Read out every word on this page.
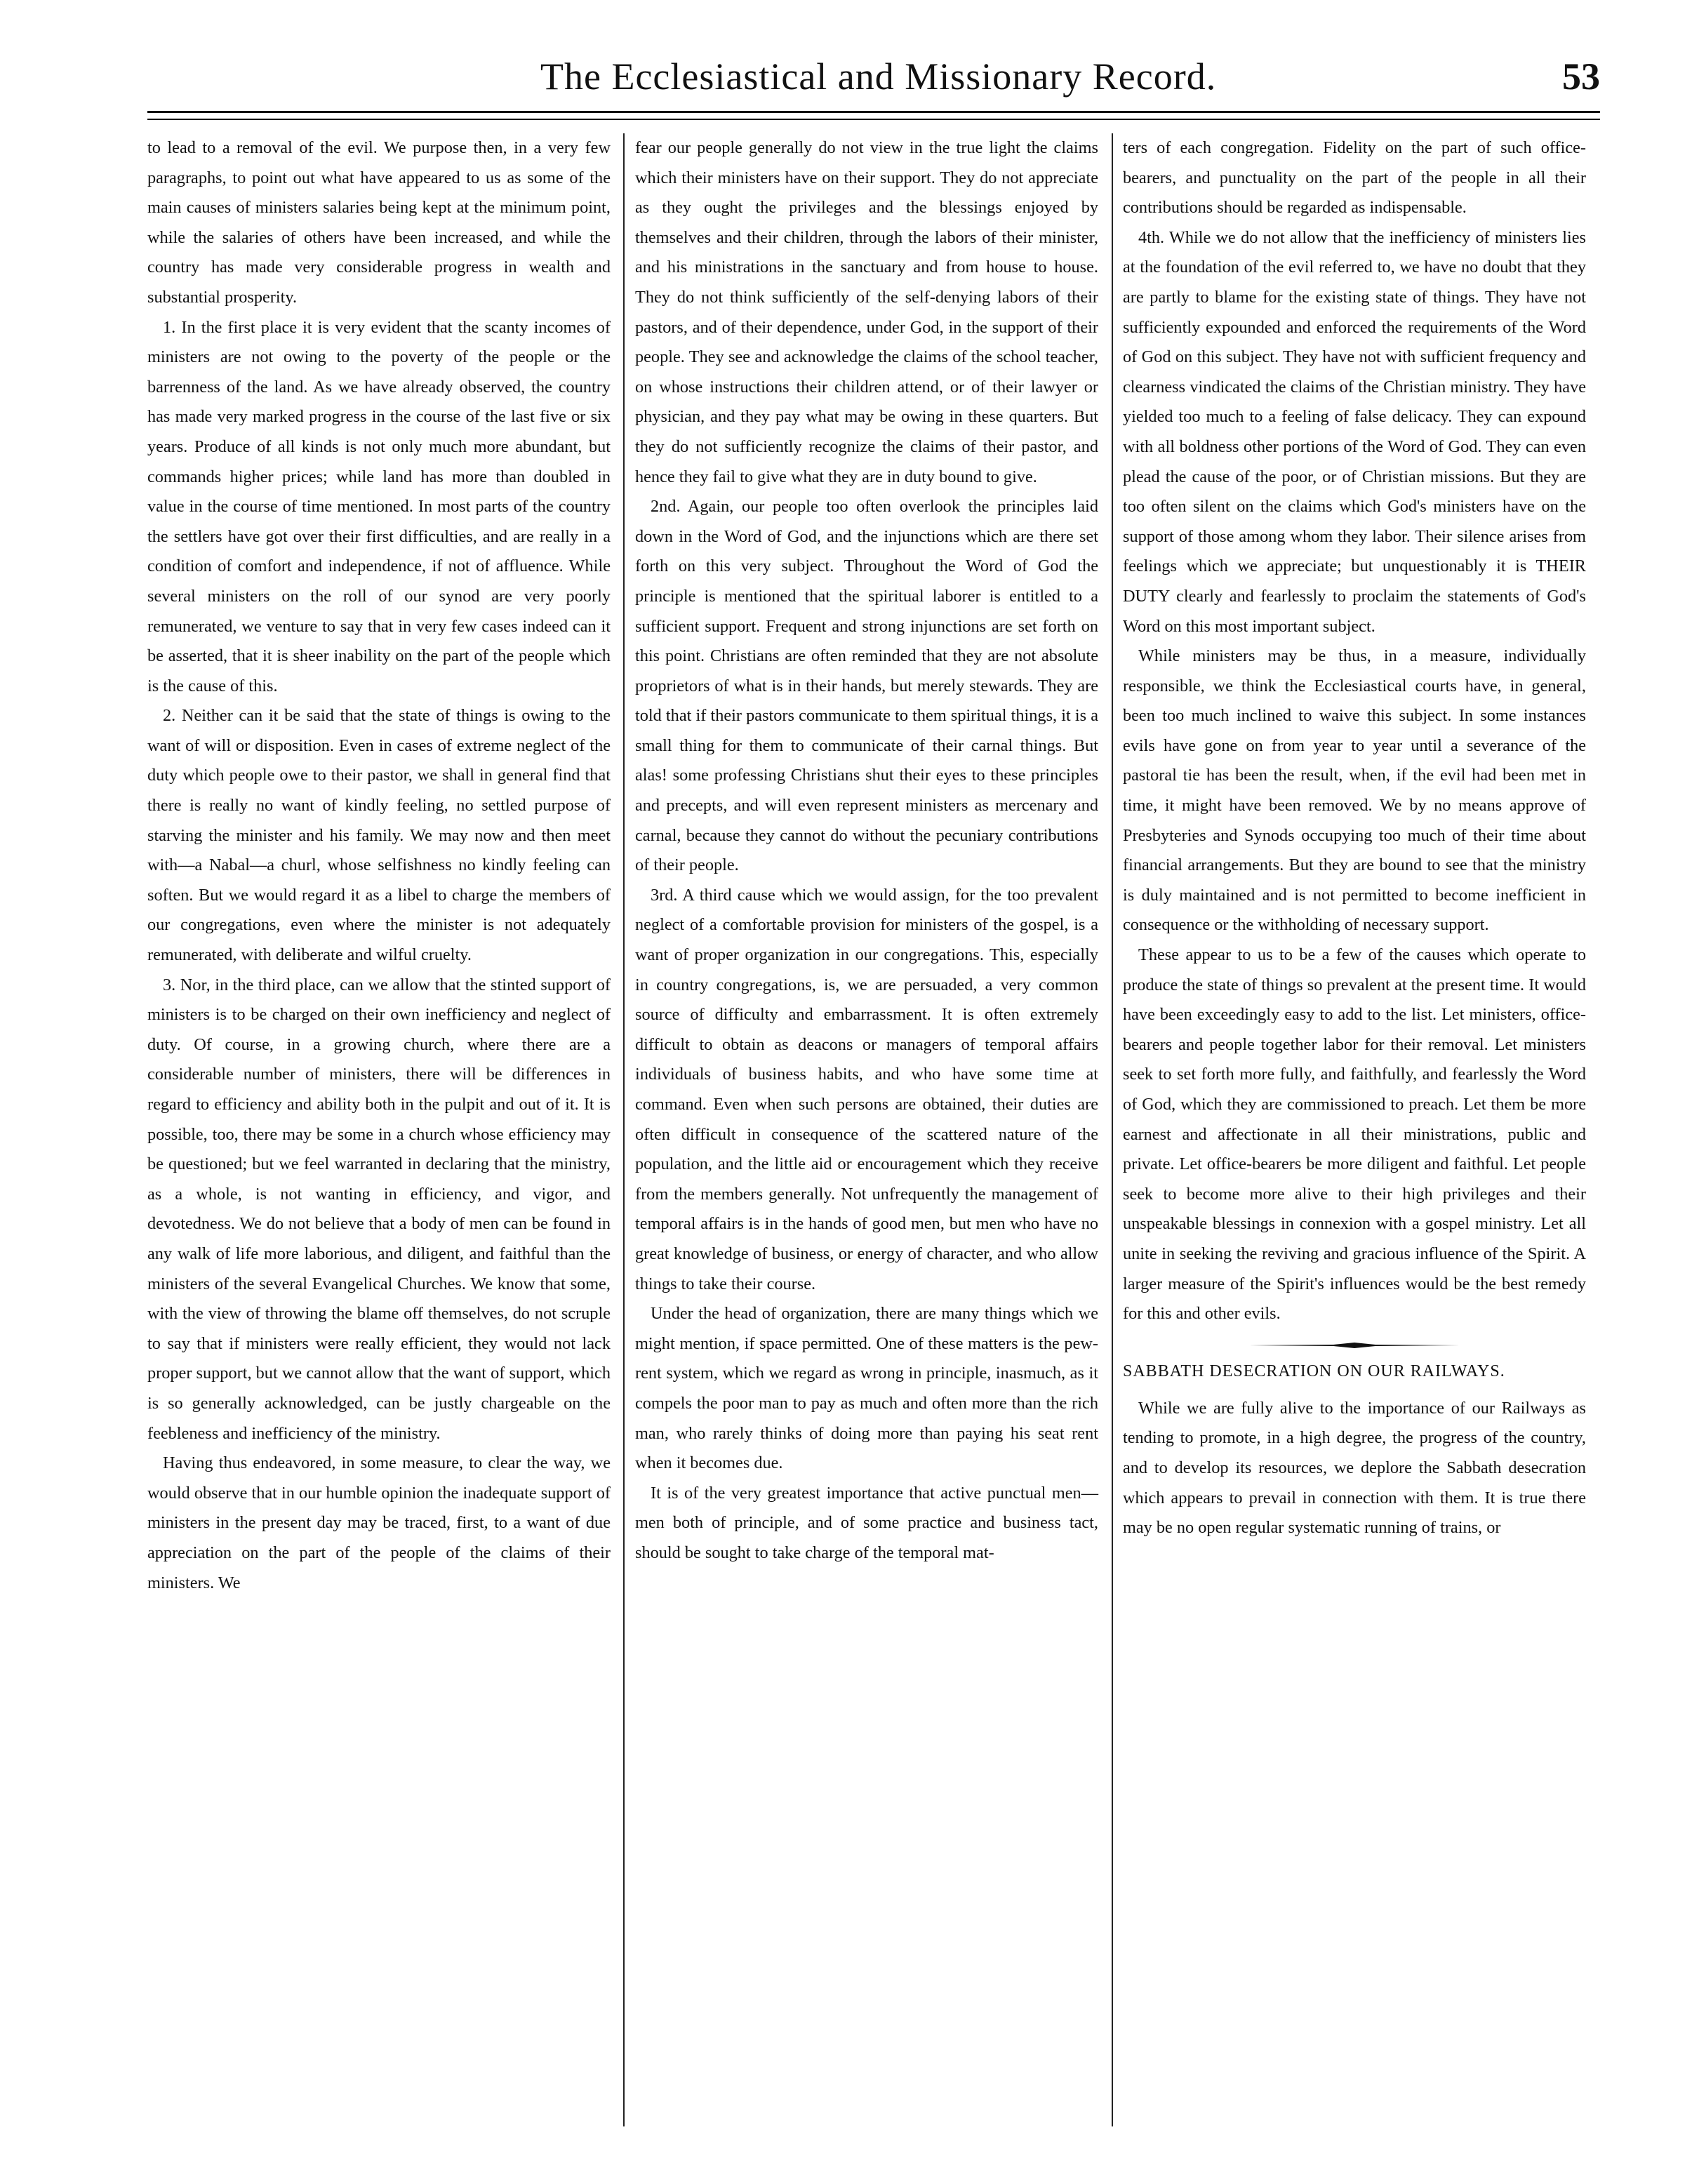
The Ecclesiastical and Missionary Record.	53

to lead to a removal of the evil. We purpose then, in a very few paragraphs, to point out what have appeared to us as some of the main causes of ministers salaries being kept at the minimum point, while the salaries of others have been increased, and while the country has made very considerable progress in wealth and substantial prosperity.

1. In the first place it is very evident that the scanty incomes of ministers are not owing to the poverty of the people or the barrenness of the land. As we have already observed, the country has made very marked progress in the course of the last five or six years. Produce of all kinds is not only much more abundant, but commands higher prices; while land has more than doubled in value in the course of time mentioned. In most parts of the country the settlers have got over their first difficulties, and are really in a condition of comfort and independence, if not of affluence. While several ministers on the roll of our synod are very poorly remunerated, we venture to say that in very few cases indeed can it be asserted, that it is sheer inability on the part of the people which is the cause of this.

2. Neither can it be said that the state of things is owing to the want of will or disposition. Even in cases of extreme neglect of the duty which people owe to their pastor, we shall in general find that there is really no want of kindly feeling, no settled purpose of starving the minister and his family. We may now and then meet with—a Nabal—a churl, whose selfishness no kindly feeling can soften. But we would regard it as a libel to charge the members of our congregations, even where the minister is not adequately remunerated, with deliberate and wilful cruelty.

3. Nor, in the third place, can we allow that the stinted support of ministers is to be charged on their own inefficiency and neglect of duty. Of course, in a growing church, where there are a considerable number of ministers, there will be differences in regard to efficiency and ability both in the pulpit and out of it. It is possible, too, there may be some in a church whose efficiency may be questioned; but we feel warranted in declaring that the ministry, as a whole, is not wanting in efficiency, and vigor, and devotedness. We do not believe that a body of men can be found in any walk of life more laborious, and diligent, and faithful than the ministers of the several Evangelical Churches. We know that some, with the view of throwing the blame off themselves, do not scruple to say that if ministers were really efficient, they would not lack proper support, but we cannot allow that the want of support, which is so generally acknowledged, can be justly chargeable on the feebleness and inefficiency of the ministry.

Having thus endeavored, in some measure, to clear the way, we would observe that in our humble opinion the inadequate support of ministers in the present day may be traced, first, to a want of due appreciation on the part of the people of the claims of their ministers. We

fear our people generally do not view in the true light the claims which their ministers have on their support. They do not appreciate as they ought the privileges and the blessings enjoyed by themselves and their children, through the labors of their minister, and his ministrations in the sanctuary and from house to house. They do not think sufficiently of the self-denying labors of their pastors, and of their dependence, under God, in the support of their people. They see and acknowledge the claims of the school teacher, on whose instructions their children attend, or of their lawyer or physician, and they pay what may be owing in these quarters. But they do not sufficiently recognize the claims of their pastor, and hence they fail to give what they are in duty bound to give.

2nd. Again, our people too often overlook the principles laid down in the Word of God, and the injunctions which are there set forth on this very subject. Throughout the Word of God the principle is mentioned that the spiritual laborer is entitled to a sufficient support. Frequent and strong injunctions are set forth on this point. Christians are often reminded that they are not absolute proprietors of what is in their hands, but merely stewards. They are told that if their pastors communicate to them spiritual things, it is a small thing for them to communicate of their carnal things. But alas! some professing Christians shut their eyes to these principles and precepts, and will even represent ministers as mercenary and carnal, because they cannot do without the pecuniary contributions of their people.

3rd. A third cause which we would assign, for the too prevalent neglect of a comfortable provision for ministers of the gospel, is a want of proper organization in our congregations. This, especially in country congregations, is, we are persuaded, a very common source of difficulty and embarrassment. It is often extremely difficult to obtain as deacons or managers of temporal affairs individuals of business habits, and who have some time at command. Even when such persons are obtained, their duties are often difficult in consequence of the scattered nature of the population, and the little aid or encouragement which they receive from the members generally. Not unfrequently the management of temporal affairs is in the hands of good men, but men who have no great knowledge of business, or energy of character, and who allow things to take their course.

Under the head of organization, there are many things which we might mention, if space permitted. One of these matters is the pew-rent system, which we regard as wrong in principle, inasmuch, as it compels the poor man to pay as much and often more than the rich man, who rarely thinks of doing more than paying his seat rent when it becomes due.

It is of the very greatest importance that active punctual men—men both of principle, and of some practice and business tact, should be sought to take charge of the temporal mat-

ters of each congregation. Fidelity on the part of such office-bearers, and punctuality on the part of the people in all their contributions should be regarded as indispensable.

4th. While we do not allow that the inefficiency of ministers lies at the foundation of the evil referred to, we have no doubt that they are partly to blame for the existing state of things. They have not sufficiently expounded and enforced the requirements of the Word of God on this subject. They have not with sufficient frequency and clearness vindicated the claims of the Christian ministry. They have yielded too much to a feeling of false delicacy. They can expound with all boldness other portions of the Word of God. They can even plead the cause of the poor, or of Christian missions. But they are too often silent on the claims which God's ministers have on the support of those among whom they labor. Their silence arises from feelings which we appreciate; but unquestionably it is THEIR DUTY clearly and fearlessly to proclaim the statements of God's Word on this most important subject.

While ministers may be thus, in a measure, individually responsible, we think the Ecclesiastical courts have, in general, been too much inclined to waive this subject. In some instances evils have gone on from year to year until a severance of the pastoral tie has been the result, when, if the evil had been met in time, it might have been removed. We by no means approve of Presbyteries and Synods occupying too much of their time about financial arrangements. But they are bound to see that the ministry is duly maintained and is not permitted to become inefficient in consequence or the withholding of necessary support.

These appear to us to be a few of the causes which operate to produce the state of things so prevalent at the present time. It would have been exceedingly easy to add to the list. Let ministers, office-bearers and people together labor for their removal. Let ministers seek to set forth more fully, and faithfully, and fearlessly the Word of God, which they are commissioned to preach. Let them be more earnest and affectionate in all their ministrations, public and private. Let office-bearers be more diligent and faithful. Let people seek to become more alive to their high privileges and their unspeakable blessings in connexion with a gospel ministry. Let all unite in seeking the reviving and gracious influence of the Spirit. A larger measure of the Spirit's influences would be the best remedy for this and other evils.

SABBATH DESECRATION ON OUR RAILWAYS.

While we are fully alive to the importance of our Railways as tending to promote, in a high degree, the progress of the country, and to develop its resources, we deplore the Sabbath desecration which appears to prevail in connection with them. It is true there may be no open regular systematic running of trains, or
